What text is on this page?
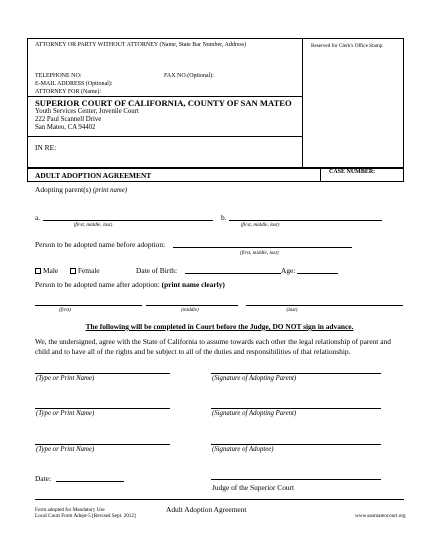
ATTORNEY OR PARTY WITHOUT ATTORNEY (Name, State Bar Number, Address)	Reserved for Clerk's Office Stamp
TELEPHONE NO:	FAX NO.(Optional):
E-MAIL ADDRESS (Optional):
ATTORNEY FOR (Name):
SUPERIOR COURT OF CALIFORNIA, COUNTY OF SAN MATEO
Youth Services Center, Juvenile Court
222 Paul Scannell Drive
San Mateo, CA 94402
IN RE:
ADULT ADOPTION AGREEMENT	CASE NUMBER:
Adopting parent(s) (print name)
a.
(first, middle, last)
b.
(first, middle, last)
Person to be adopted name before adoption:
(first, middle, last)
Male	Female	Date of Birth:	Age:
Person to be adopted name after adoption: (print name clearly)
(first)	(middle)	(last)
The following will be completed in Court before the Judge, DO NOT sign in advance.
We, the undersigned, agree with the State of California to assume towards each other the legal relationship of parent and child and to have all of the rights and be subject to all of the duties and responsibilities of that relationship.
(Type or Print Name)	(Signature of Adopting Parent)
(Type or Print Name)	(Signature of Adopting Parent)
(Type or Print Name)	(Signature of Adoptee)
Date:
Judge of the Superior Court
Form adopted for Mandatory Use
Local Court Form Adopt-5 [Revised Sept. 2012]
Adult Adoption Agreement
www.sanmateocourt.org
